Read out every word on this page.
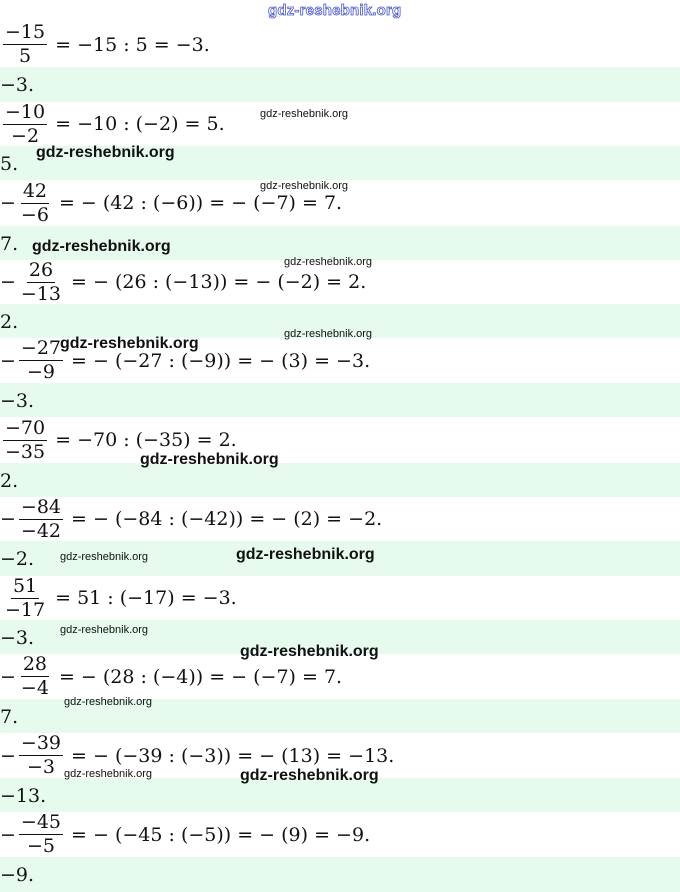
gdz-reshebnik.org
$\frac{-15}{5} = -15$ : 5 = −3.
−3.
$\frac{-10}{-2} = -10$ : (−2) = 5.
5.
− $\frac{42}{-6}$ = − (42 : (−6)) = − (−7) = 7.
7.
− $\frac{26}{-13}$ = − (26 : (−13)) = − (−2) = 2.
2.
− $\frac{-27}{-9}$ = − (−27 : (−9)) = − (3) = −3.
−3.
$\frac{-70}{-35} = -70$ : (−35) = 2.
2.
− $\frac{-84}{-42}$ = − (−84 : (−42)) = − (2) = −2.
−2.
$\frac{51}{-17} = 51$ : (−17) = −3.
−3.
− $\frac{28}{-4}$ = − (28 : (−4)) = − (−7) = 7.
7.
− $\frac{-39}{-3}$ = − (−39 : (−3)) = − (13) = −13.
−13.
− $\frac{-45}{-5}$ = − (−45 : (−5)) = − (9) = −9.
−9.
gdz-reshebnik.org
gdz-reshebnik.org
gdz-reshebnik.org
gdz-reshebnik.org
gdz-reshebnik.org
gdz-reshebnik.org
gdz-reshebnik.org
gdz-reshebnik.org
gdz-reshebnik.org	gdz-reshebnik.org
gdz-reshebnik.org
gdz-reshebnik.org
gdz-reshebnik.org
gdz-reshebnik.org	gdz-reshebnik.org
